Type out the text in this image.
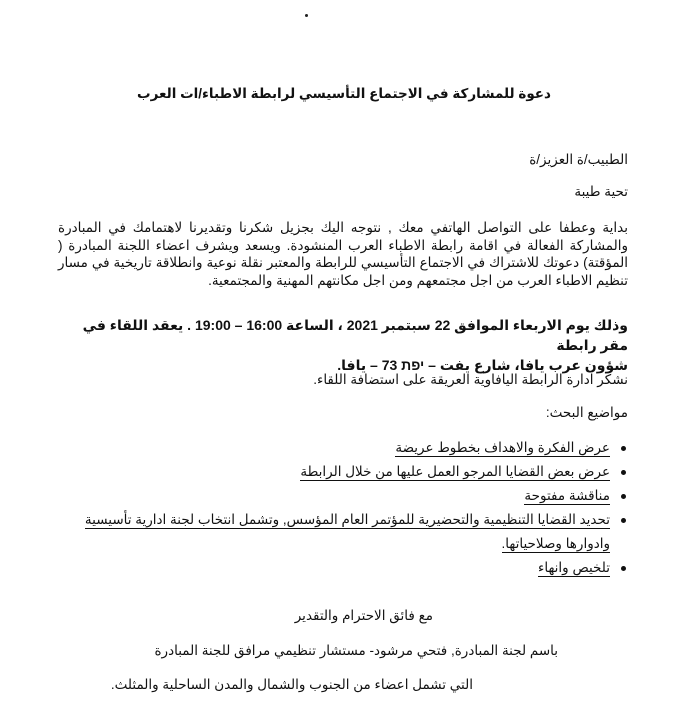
دعوة للمشاركة في الاجتماع التأسيسي لرابطة الاطباء/ات العرب
الطبيب/ة العزيز/ة
تحية طيبة
بداية وعطفا على التواصل الهاتفي معك , نتوجه اليك بجزيل شكرنا وتقديرنا لاهتمامك في المبادرة والمشاركة الفعالة في اقامة رابطة الاطباء العرب المنشودة. ويسعد ويشرف اعضاء اللجنة المبادرة ( المؤقتة) دعوتك للاشتراك في الاجتماع التأسيسي للرابطة والمعتبر نقلة نوعية وانطلاقة تاريخية في مسار تنظيم الاطباء العرب من اجل مجتمعهم ومن اجل مكانتهم المهنية والمجتمعية.
وذلك يوم الاربعاء الموافق 22 سبتمبر 2021 ، الساعة 16:00 – 19:00 . يعقد اللقاء في مقر رابطة
شؤون عرب يافا، شارع يفت – יפת 73 – يافا.
نشكر ادارة الرابطة اليافاوية العريقة على استضافة اللقاء.
مواضيع البحث:
عرض الفكرة والاهداف بخطوط عريضة
عرض بعض القضايا المرجو العمل عليها من خلال الرابطة
مناقشة مفتوحة
تحديد القضايا التنظيمية والتحضيرية للمؤتمر العام المؤسس, وتشمل انتخاب لجنة ادارية تأسيسية وادوارها وصلاحياتها.
تلخيص وانهاء
مع فائق الاحترام والتقدير
باسم لجنة المبادرة, فتحي مرشود- مستشار تنظيمي مرافق للجنة المبادرة
التي تشمل اعضاء من الجنوب والشمال والمدن الساحلية والمثلث.
